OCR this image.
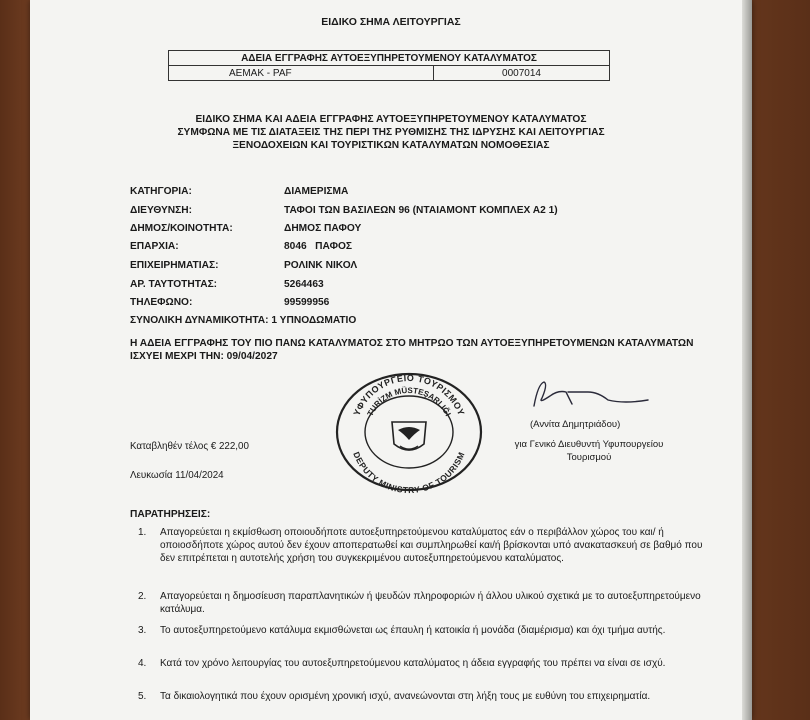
ΕΙΔΙΚΟ ΣΗΜΑ ΛΕΙΤΟΥΡΓΙΑΣ
ΑΔΕΙΑ ΕΓΓΡΑΦΗΣ ΑΥΤΟΕΞΥΠΗΡΕΤΟΥΜΕΝΟΥ ΚΑΤΑΛΥΜΑΤΟΣ
ΑΕΜΑΚ - PAF	0007014
ΕΙΔΙΚΟ ΣΗΜΑ ΚΑΙ ΑΔΕΙΑ ΕΓΓΡΑΦΗΣ ΑΥΤΟΕΞΥΠΗΡΕΤΟΥΜΕΝΟΥ ΚΑΤΑΛΥΜΑΤΟΣ
ΣΥΜΦΩΝΑ ΜΕ ΤΙΣ ΔΙΑΤΑΞΕΙΣ ΤΗΣ ΠΕΡΙ ΤΗΣ ΡΥΘΜΙΣΗΣ ΤΗΣ ΙΔΡΥΣΗΣ ΚΑΙ ΛΕΙΤΟΥΡΓΙΑΣ
ΞΕΝΟΔΟΧΕΙΩΝ ΚΑΙ ΤΟΥΡΙΣΤΙΚΩΝ ΚΑΤΑΛΥΜΑΤΩΝ ΝΟΜΟΘΕΣΙΑΣ
ΚΑΤΗΓΟΡΙΑ:	ΔΙΑΜΕΡΙΣΜΑ
ΔΙΕΥΘΥΝΣΗ:	ΤΑΦΟΙ ΤΩΝ ΒΑΣΙΛΕΩΝ 96 (ΝΤΑΙΑΜΟΝΤ ΚΟΜΠΛΕΧ Α2 1)
ΔΗΜΟΣ/ΚΟΙΝΟΤΗΤΑ:	ΔΗΜΟΣ ΠΑΦΟΥ
ΕΠΑΡΧΙΑ:	8046   ΠΑΦΟΣ
ΕΠΙΧΕΙΡΗΜΑΤΙΑΣ:	ΡΟΛΙΝΚ ΝΙΚΟΛ
ΑΡ. ΤΑΥΤΟΤΗΤΑΣ:	5264463
ΤΗΛΕΦΩΝΟ:	99599956
ΣΥΝΟΛΙΚΗ ΔΥΝΑΜΙΚΟΤΗΤΑ: 1 ΥΠΝΟΔΩΜΑΤΙΟ
Η ΑΔΕΙΑ ΕΓΓΡΑΦΗΣ ΤΟΥ ΠΙΟ ΠΑΝΩ ΚΑΤΑΛΥΜΑΤΟΣ ΣΤΟ ΜΗΤΡΩΟ ΤΩΝ ΑΥΤΟΕΞΥΠΗΡΕΤΟΥΜΕΝΩΝ ΚΑΤΑΛΥΜΑΤΩΝ ΙΣΧΥΕΙ ΜΕΧΡΙ ΤΗΝ: 09/04/2027
ΥΦΥΠΟΥΡΓΕΙΟ ΤΟΥΡΙΣΜΟΥ
TURİZM MÜSTEŞARLIĞI
DEPUTY MINISTRY OF TOURISM
(Αννίτα Δημητριάδου)
για Γενικό Διευθυντή Υφυπουργείου Τουρισμού
Καταβληθέν τέλος € 222,00
Λευκωσία 11/04/2024
ΠΑΡΑΤΗΡΗΣΕΙΣ:
1.	Απαγορεύεται η εκμίσθωση οποιουδήποτε αυτοεξυπηρετούμενου καταλύματος εάν ο περιβάλλον χώρος του και/ ή οποιοσδήποτε χώρος αυτού δεν έχουν αποπερατωθεί και συμπληρωθεί και/ή βρίσκονται υπό ανακατασκευή σε βαθμό που δεν επιτρέπεται η αυτοτελής χρήση του συγκεκριμένου αυτοεξυπηρετούμενου καταλύματος.
2.	Απαγορεύεται η δημοσίευση παραπλανητικών ή ψευδών πληροφοριών ή άλλου υλικού σχετικά με το αυτοεξυπηρετούμενο κατάλυμα.
3.	Το αυτοεξυπηρετούμενο κατάλυμα εκμισθώνεται ως έπαυλη ή κατοικία ή μονάδα (διαμέρισμα) και όχι τμήμα αυτής.
4.	Κατά τον χρόνο λειτουργίας του αυτοεξυπηρετούμενου καταλύματος η άδεια εγγραφής του πρέπει να είναι σε ισχύ.
5.	Τα δικαιολογητικά που έχουν ορισμένη χρονική ισχύ, ανανεώνονται στη λήξη τους με ευθύνη του επιχειρηματία.
